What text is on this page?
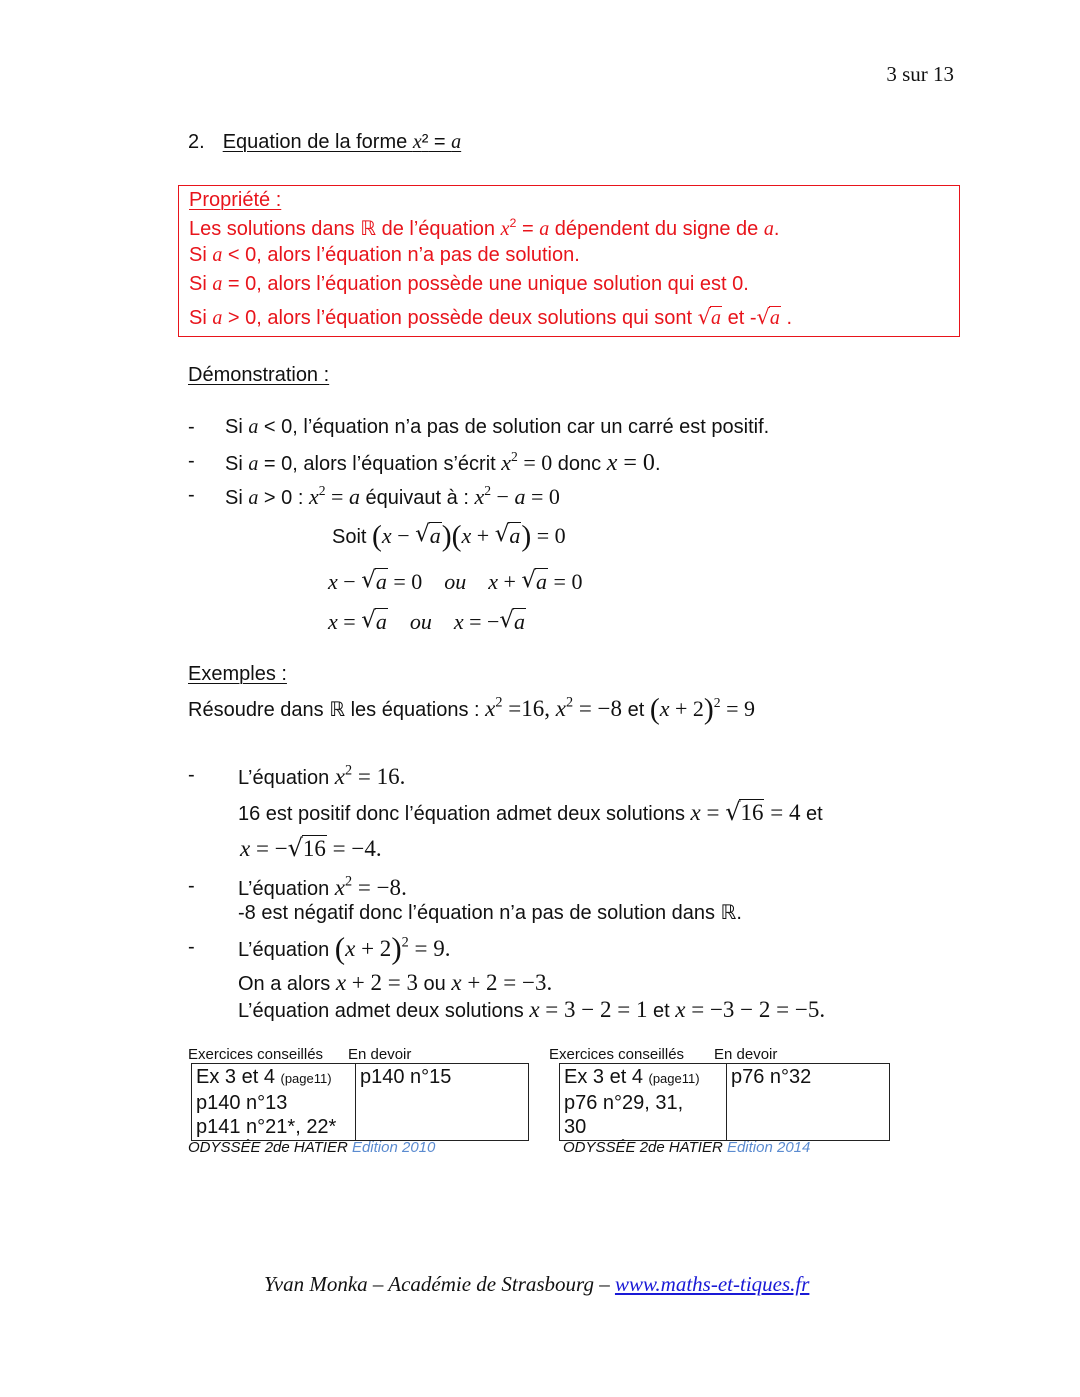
3 sur 13
2. Equation de la forme x² = a
Propriété :
Les solutions dans ℝ de l’équation $x^2 = a$ dépendent du signe de a.
Si a < 0, alors l’équation n’a pas de solution.
Si a = 0, alors l’équation possède une unique solution qui est 0.
Si a > 0, alors l’équation possède deux solutions qui sont √ a et - √ a .
Démonstration :
- Si a < 0, l’équation n’a pas de solution car un carré est positif.
- Si a = 0, alors l’équation s’écrit $x^2 = 0$ donc x = 0.
- Si a > 0 : $x^2 = a$ équivaut à : $x^2 - a = 0$
Soit (x − √ a)(x + √ a) = 0
x − √ a = 0 ou x + √ a = 0
x = √ a ou x = − √ a
Exemples :
Résoudre dans ℝ les équations : $x^2 =16$, $x^2 = -8$ et $(x + 2)^2 = 9$
- L’équation $x^2 = 16$.
16 est positif donc l’équation admet deux solutions x = √ 16 = 4 et
x = − √ 16 = −4.
- L’équation $x^2 = -8$.
-8 est négatif donc l’équation n’a pas de solution dans ℝ.
- L’équation $(x + 2)^2 = 9$.
On a alors x + 2 = 3 ou x + 2 = −3.
L’équation admet deux solutions x = 3 − 2 = 1 et x = −3 − 2 = −5.
Exercices conseillés En devoir
Ex 3 et 4 (page11)
p140 n°13
p141 n°21*, 22*
	p140 n°15
ODYSSÉE 2de HATIER Edition 2010
Exercices conseillés En devoir
Ex 3 et 4 (page11)
p76 n°29, 31,
30
	p76 n°32
ODYSSÉE 2de HATIER Edition 2014
Yvan Monka – Académie de Strasbourg – www.maths-et-tiques.fr
